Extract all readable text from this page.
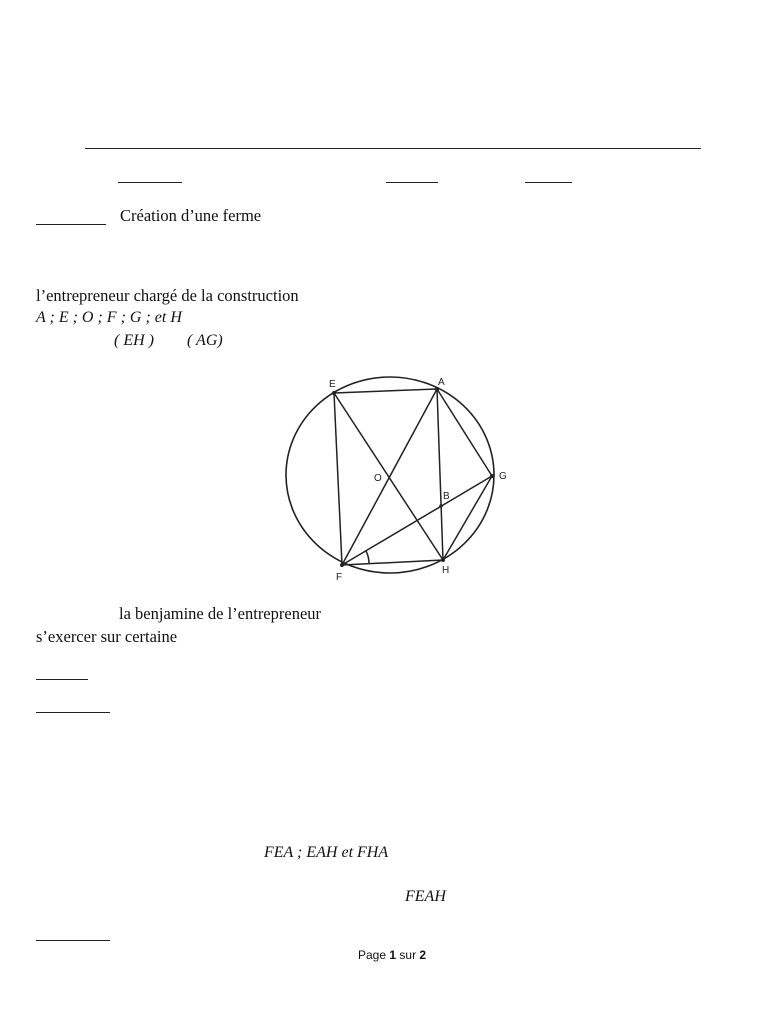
Création d’une ferme
l’entrepreneur chargé de la construction
A ; E ; O ; F ; G ; et H
( EH ) ( AG)
E	A
O	G
B
F
H
la benjamine de l’entrepreneur
s’exercer sur certaine
FEA ; EAH et FHA
FEAH
Page 1 sur 2
